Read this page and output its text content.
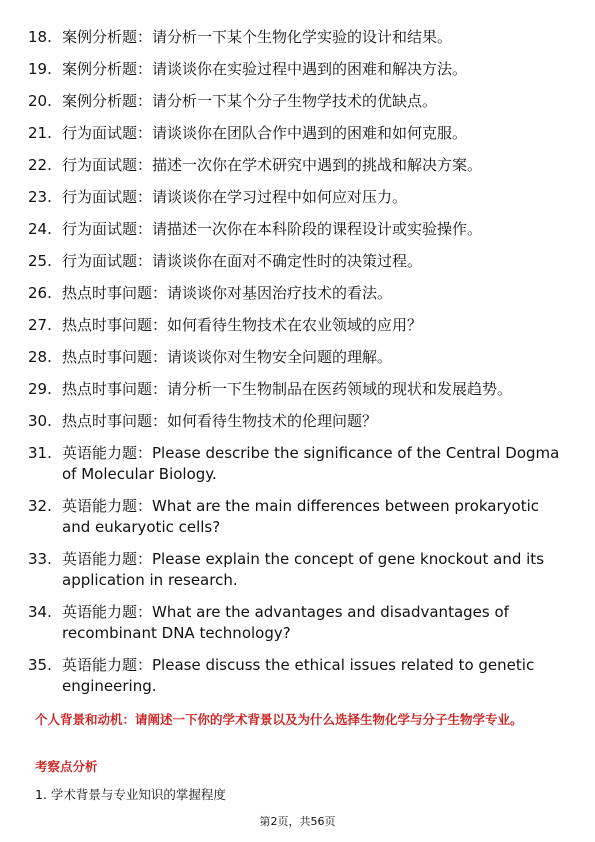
18. 案例分析题：请分析一下某个生物化学实验的设计和结果。
19. 案例分析题：请谈谈你在实验过程中遇到的困难和解决方法。
20. 案例分析题：请分析一下某个分子生物学技术的优缺点。
21. 行为面试题：请谈谈你在团队合作中遇到的困难和如何克服。
22. 行为面试题：描述一次你在学术研究中遇到的挑战和解决方案。
23. 行为面试题：请谈谈你在学习过程中如何应对压力。
24. 行为面试题：请描述一次你在本科阶段的课程设计或实验操作。
25. 行为面试题：请谈谈你在面对不确定性时的决策过程。
26. 热点时事问题：请谈谈你对基因治疗技术的看法。
27. 热点时事问题：如何看待生物技术在农业领域的应用？
28. 热点时事问题：请谈谈你对生物安全问题的理解。
29. 热点时事问题：请分析一下生物制品在医药领域的现状和发展趋势。
30. 热点时事问题：如何看待生物技术的伦理问题？
31. 英语能力题：Please describe the significance of the Central Dogma of Molecular Biology.
32. 英语能力题：What are the main differences between prokaryotic and eukaryotic cells?
33. 英语能力题：Please explain the concept of gene knockout and its application in research.
34. 英语能力题：What are the advantages and disadvantages of recombinant DNA technology?
35. 英语能力题：Please discuss the ethical issues related to genetic engineering.

个人背景和动机：请阐述一下你的学术背景以及为什么选择生物化学与分子生物学专业。

考察点分析

1. 学术背景与专业知识的掌握程度

第2页，共56页
